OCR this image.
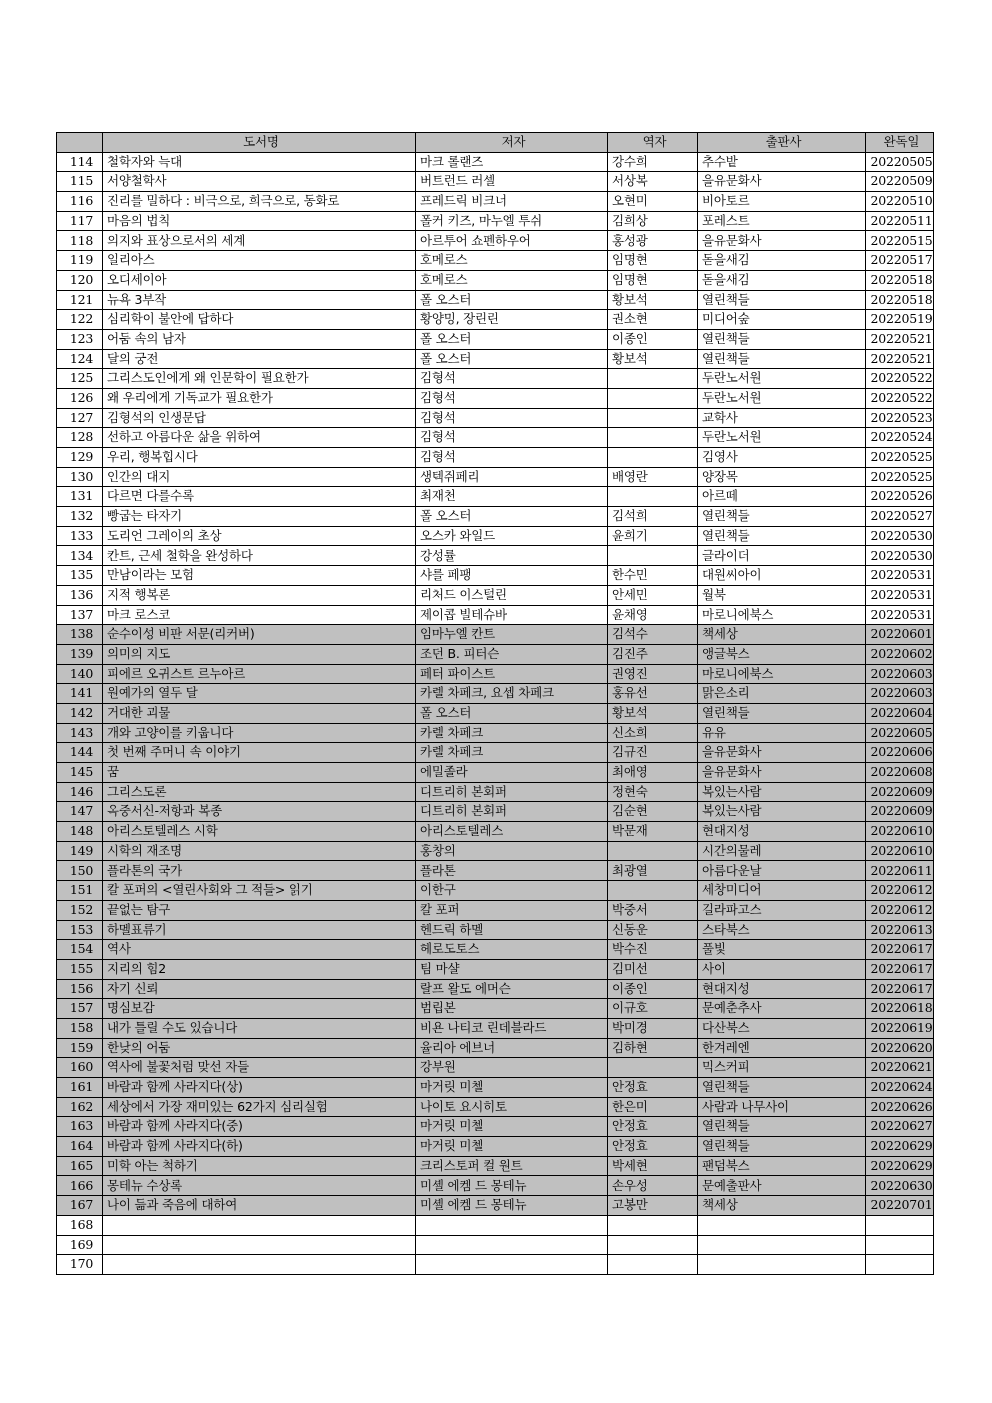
	도서명	저자	역자	출판사	완독일
114	철학자와 늑대	마크 롤랜즈	강수희	추수밭	20220505
115	서양철학사	버트런드 러셀	서상복	을유문화사	20220509
116	진리를 밀하다 : 비극으로, 희극으로, 동화로	프레드릭 비크너	오현미	비아토르	20220510
117	마음의 법칙	폴커 키즈, 마누엘 투쉬	김희상	포레스트	20220511
118	의지와 표상으로서의 세계	아르투어 쇼펜하우어	홍성광	을유문화사	20220515
119	일리아스	호메로스	임명현	돋을새김	20220517
120	오디세이아	호메로스	임명현	돋을새김	20220518
121	뉴욕 3부작	폴 오스터	황보석	열린책들	20220518
122	심리학이 불안에 답하다	황양밍, 장린린	권소현	미디어숲	20220519
123	어둠 속의 남자	폴 오스터	이종인	열린책들	20220521
124	달의 궁전	폴 오스터	황보석	열린책들	20220521
125	그리스도인에게 왜 인문학이 필요한가	김형석		두란노서원	20220522
126	왜 우리에게 기독교가 필요한가	김형석		두란노서원	20220522
127	김형석의 인생문답	김형석		교학사	20220523
128	선하고 아름다운 삶을 위하여	김형석		두란노서원	20220524
129	우리, 행복힙시다	김형석		김영사	20220525
130	인간의 대지	생텍쥐페리	배영란	양장목	20220525
131	다르면 다를수록	최재천		아르떼	20220526
132	빵굽는 타자기	폴 오스터	김석희	열린책들	20220527
133	도리언 그레이의 초상	오스카 와일드	윤희기	열린책들	20220530
134	칸트, 근세 철학을 완성하다	강성률		글라이더	20220530
135	만남이라는 모험	샤를 페팽	한수민	대원씨아이	20220531
136	지적 행복론	리처드 이스털린	안세민	월북	20220531
137	마크 로스코	제이콥 빌테슈바	윤채영	마로니에북스	20220531
138	순수이성 비판 서문(리커버)	임마누엘 칸트	김석수	책세상	20220601
139	의미의 지도	조던 B. 피터슨	김진주	앵글북스	20220602
140	피에르 오귀스트 르누아르	페터 파이스트	권영진	마로니에북스	20220603
141	원예가의 열두 달	카렐 차페크, 요셉 차페크	홍유선	맑은소리	20220603
142	거대한 괴물	폴 오스터	황보석	열린책들	20220604
143	개와 고양이를 키웁니다	카렐 차페크	신소희	유유	20220605
144	첫 번째 주머니 속 이야기	카렐 차페크	김규진	을유문화사	20220606
145	꿈	에밀졸라	최애영	을유문화사	20220608
146	그리스도론	디트리히 본회퍼	정현숙	복있는사람	20220609
147	옥중서신-저항과 복종	디트리히 본회퍼	김순현	복있는사람	20220609
148	아리스토텔레스 시학	아리스토텔레스	박문재	현대지성	20220610
149	시학의 재조명	홍창의		시간의물레	20220610
150	플라톤의 국가	플라톤	최광열	아름다운날	20220611
151	칼 포퍼의 <열린사회와 그 적들> 읽기	이한구		세창미디어	20220612
152	끝없는 탐구	칼 포퍼	박중서	길라파고스	20220612
153	하멜표류기	헨드릭 하멜	신동운	스타북스	20220613
154	역사	헤로도토스	박수진	풀빛	20220617
155	지리의 힘2	팀 마샬	김미선	사이	20220617
156	자기 신뢰	랄프 왈도 에머슨	이종인	현대지성	20220617
157	명심보감	범립본	이규호	문예춘추사	20220618
158	내가 틀릴 수도 있습니다	비욘 나티코 린데블라드	박미경	다산북스	20220619
159	한낮의 어둠	율리아 에브너	김하현	한겨레엔	20220620
160	역사에 불꽃처럼 맞선 자들	강부원		믹스커피	20220621
161	바람과 함께 사라지다(상)	마거릿 미첼	안정효	열린책들	20220624
162	세상에서 가장 재미있는 62가지 심리실험	나이토 요시히토	한은미	사람과 나무사이	20220626
163	바람과 함께 사라지다(중)	마거릿 미첼	안정효	열린책들	20220627
164	바람과 함께 사라지다(하)	마거릿 미첼	안정효	열린책들	20220629
165	미학 아는 척하기	크리스토퍼 컬 원트	박세현	팬덤북스	20220629
166	몽테뉴 수상록	미셸 에켐 드 몽테뉴	손우성	문예출판사	20220630
167	나이 듦과 죽음에 대하여	미셸 에켐 드 몽테뉴	고봉만	책세상	20220701
168					
169					
170					
